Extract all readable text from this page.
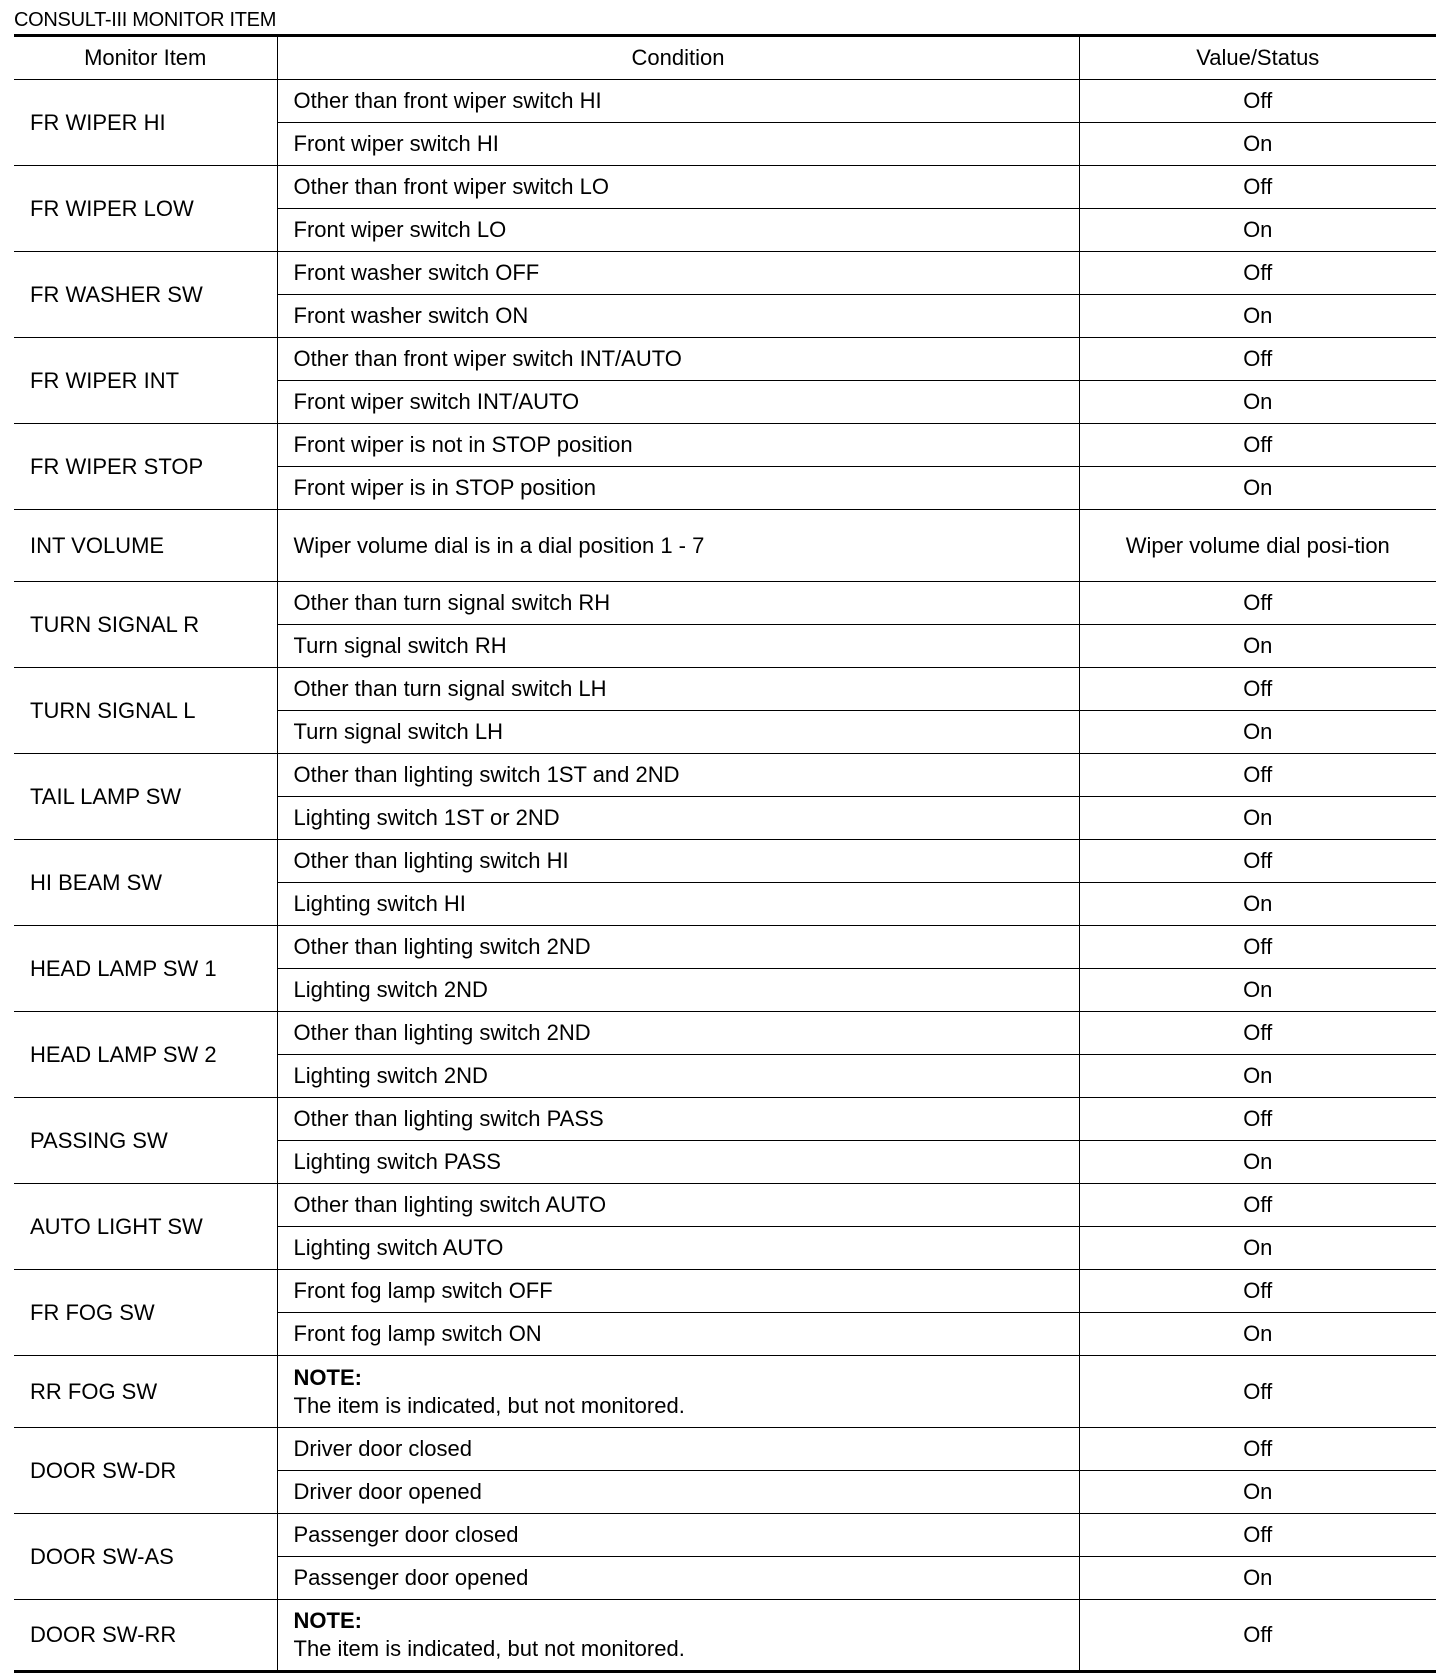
CONSULT-III MONITOR ITEM
Monitor Item	Condition	Value/Status
FR WIPER HI	Other than front wiper switch HI	Off
	Front wiper switch HI	On
FR WIPER LOW	Other than front wiper switch LO	Off
	Front wiper switch LO	On
FR WASHER SW	Front washer switch OFF	Off
	Front washer switch ON	On
FR WIPER INT	Other than front wiper switch INT/AUTO	Off
	Front wiper switch INT/AUTO	On
FR WIPER STOP	Front wiper is not in STOP position	Off
	Front wiper is in STOP position	On
INT VOLUME	Wiper volume dial is in a dial position 1 - 7	Wiper volume dial posi-tion
TURN SIGNAL R	Other than turn signal switch RH	Off
	Turn signal switch RH	On
TURN SIGNAL L	Other than turn signal switch LH	Off
	Turn signal switch LH	On
TAIL LAMP SW	Other than lighting switch 1ST and 2ND	Off
	Lighting switch 1ST or 2ND	On
HI BEAM SW	Other than lighting switch HI	Off
	Lighting switch HI	On
HEAD LAMP SW 1	Other than lighting switch 2ND	Off
	Lighting switch 2ND	On
HEAD LAMP SW 2	Other than lighting switch 2ND	Off
	Lighting switch 2ND	On
PASSING SW	Other than lighting switch PASS	Off
	Lighting switch PASS	On
AUTO LIGHT SW	Other than lighting switch AUTO	Off
	Lighting switch AUTO	On
FR FOG SW	Front fog lamp switch OFF	Off
	Front fog lamp switch ON	On
RR FOG SW	NOTE:
The item is indicated, but not monitored.	Off
DOOR SW-DR	Driver door closed	Off
	Driver door opened	On
DOOR SW-AS	Passenger door closed	Off
	Passenger door opened	On
DOOR SW-RR	NOTE:
The item is indicated, but not monitored.	Off
